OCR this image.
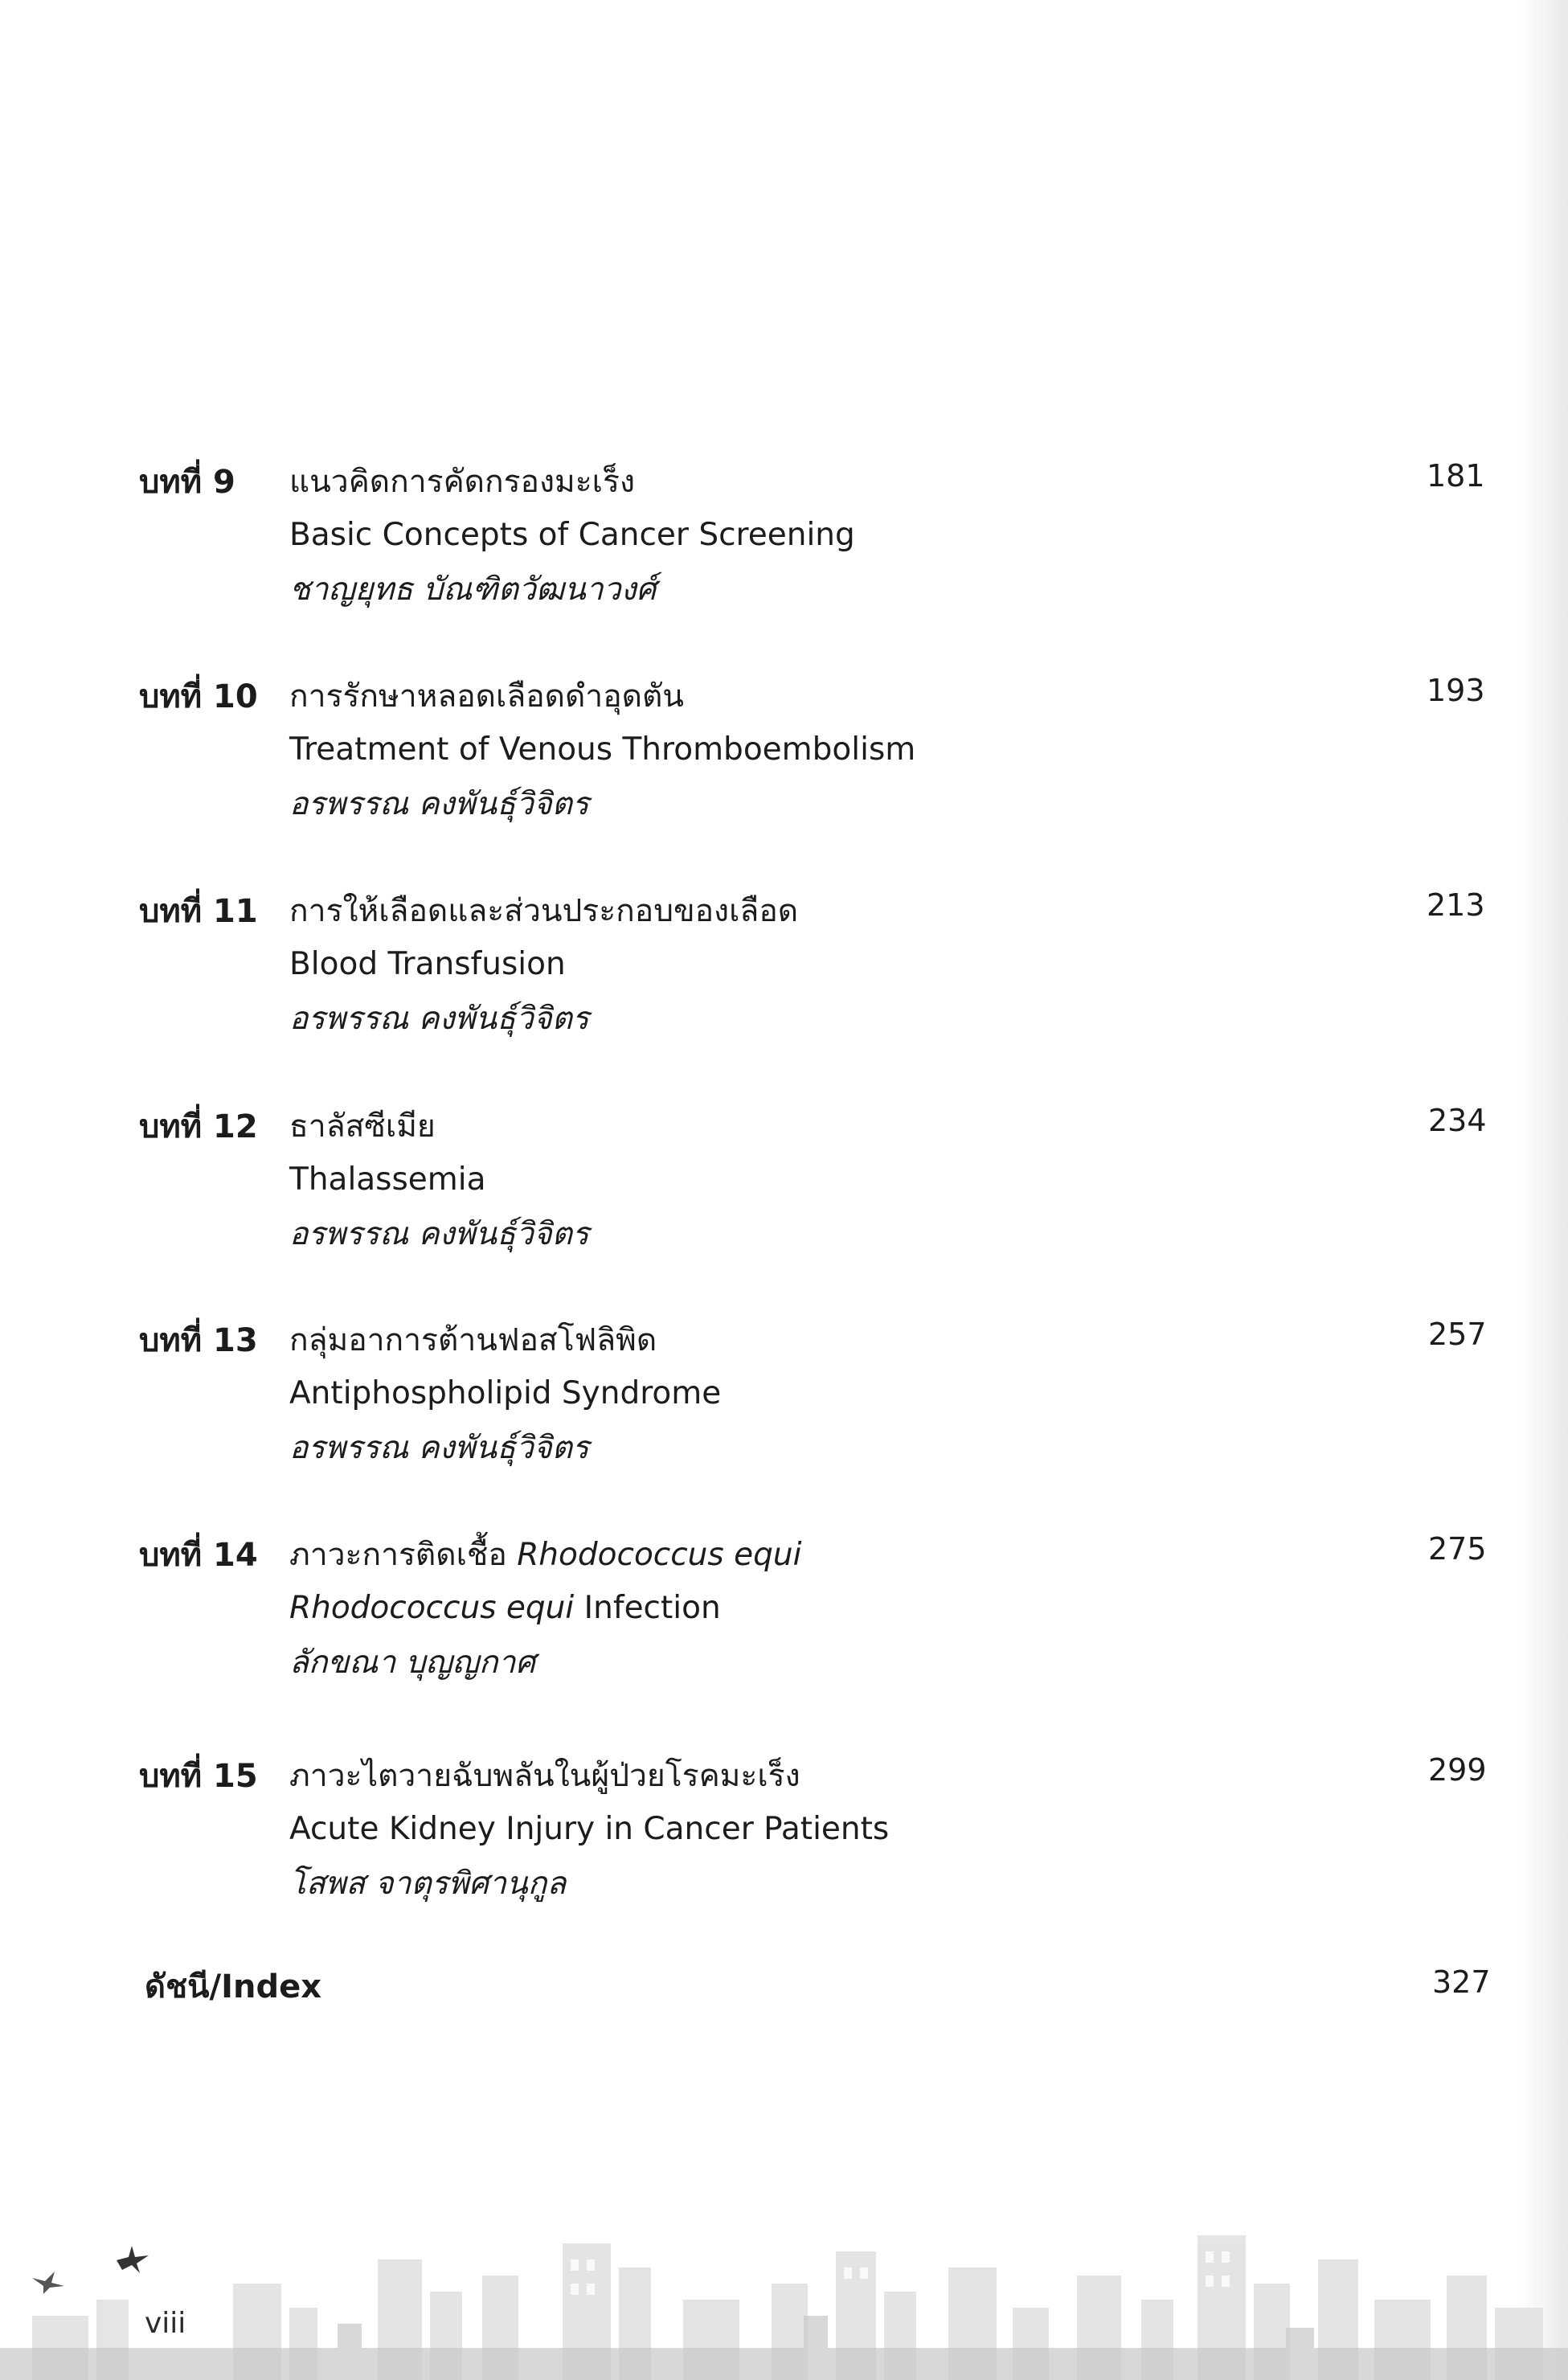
บทที่ 9 แนวคิดการคัดกรองมะเร็ง
Basic Concepts of Cancer Screening
ชาญยุทธ บัณฑิตวัฒนาวงศ์
181
บทที่ 10 การรักษาหลอดเลือดดำอุดตัน
Treatment of Venous Thromboembolism
อรพรรณ คงพันธุ์วิจิตร
193
บทที่ 11 การให้เลือดและส่วนประกอบของเลือด
Blood Transfusion
อรพรรณ คงพันธุ์วิจิตร
213
บทที่ 12 ธาลัสซีเมีย
Thalassemia
อรพรรณ คงพันธุ์วิจิตร
234
บทที่ 13 กลุ่มอาการต้านฟอสโฟลิพิด
Antiphospholipid Syndrome
อรพรรณ คงพันธุ์วิจิตร
257
บทที่ 14 ภาวะการติดเชื้อ Rhodococcus equi
Rhodococcus equi Infection
ลักขณา บุญญกาศ
275
บทที่ 15 ภาวะไตวายฉับพลันในผู้ป่วยโรคมะเร็ง
Acute Kidney Injury in Cancer Patients
โสพส จาตุรพิศานุกูล
299
ดัชนี/Index	327
viii
